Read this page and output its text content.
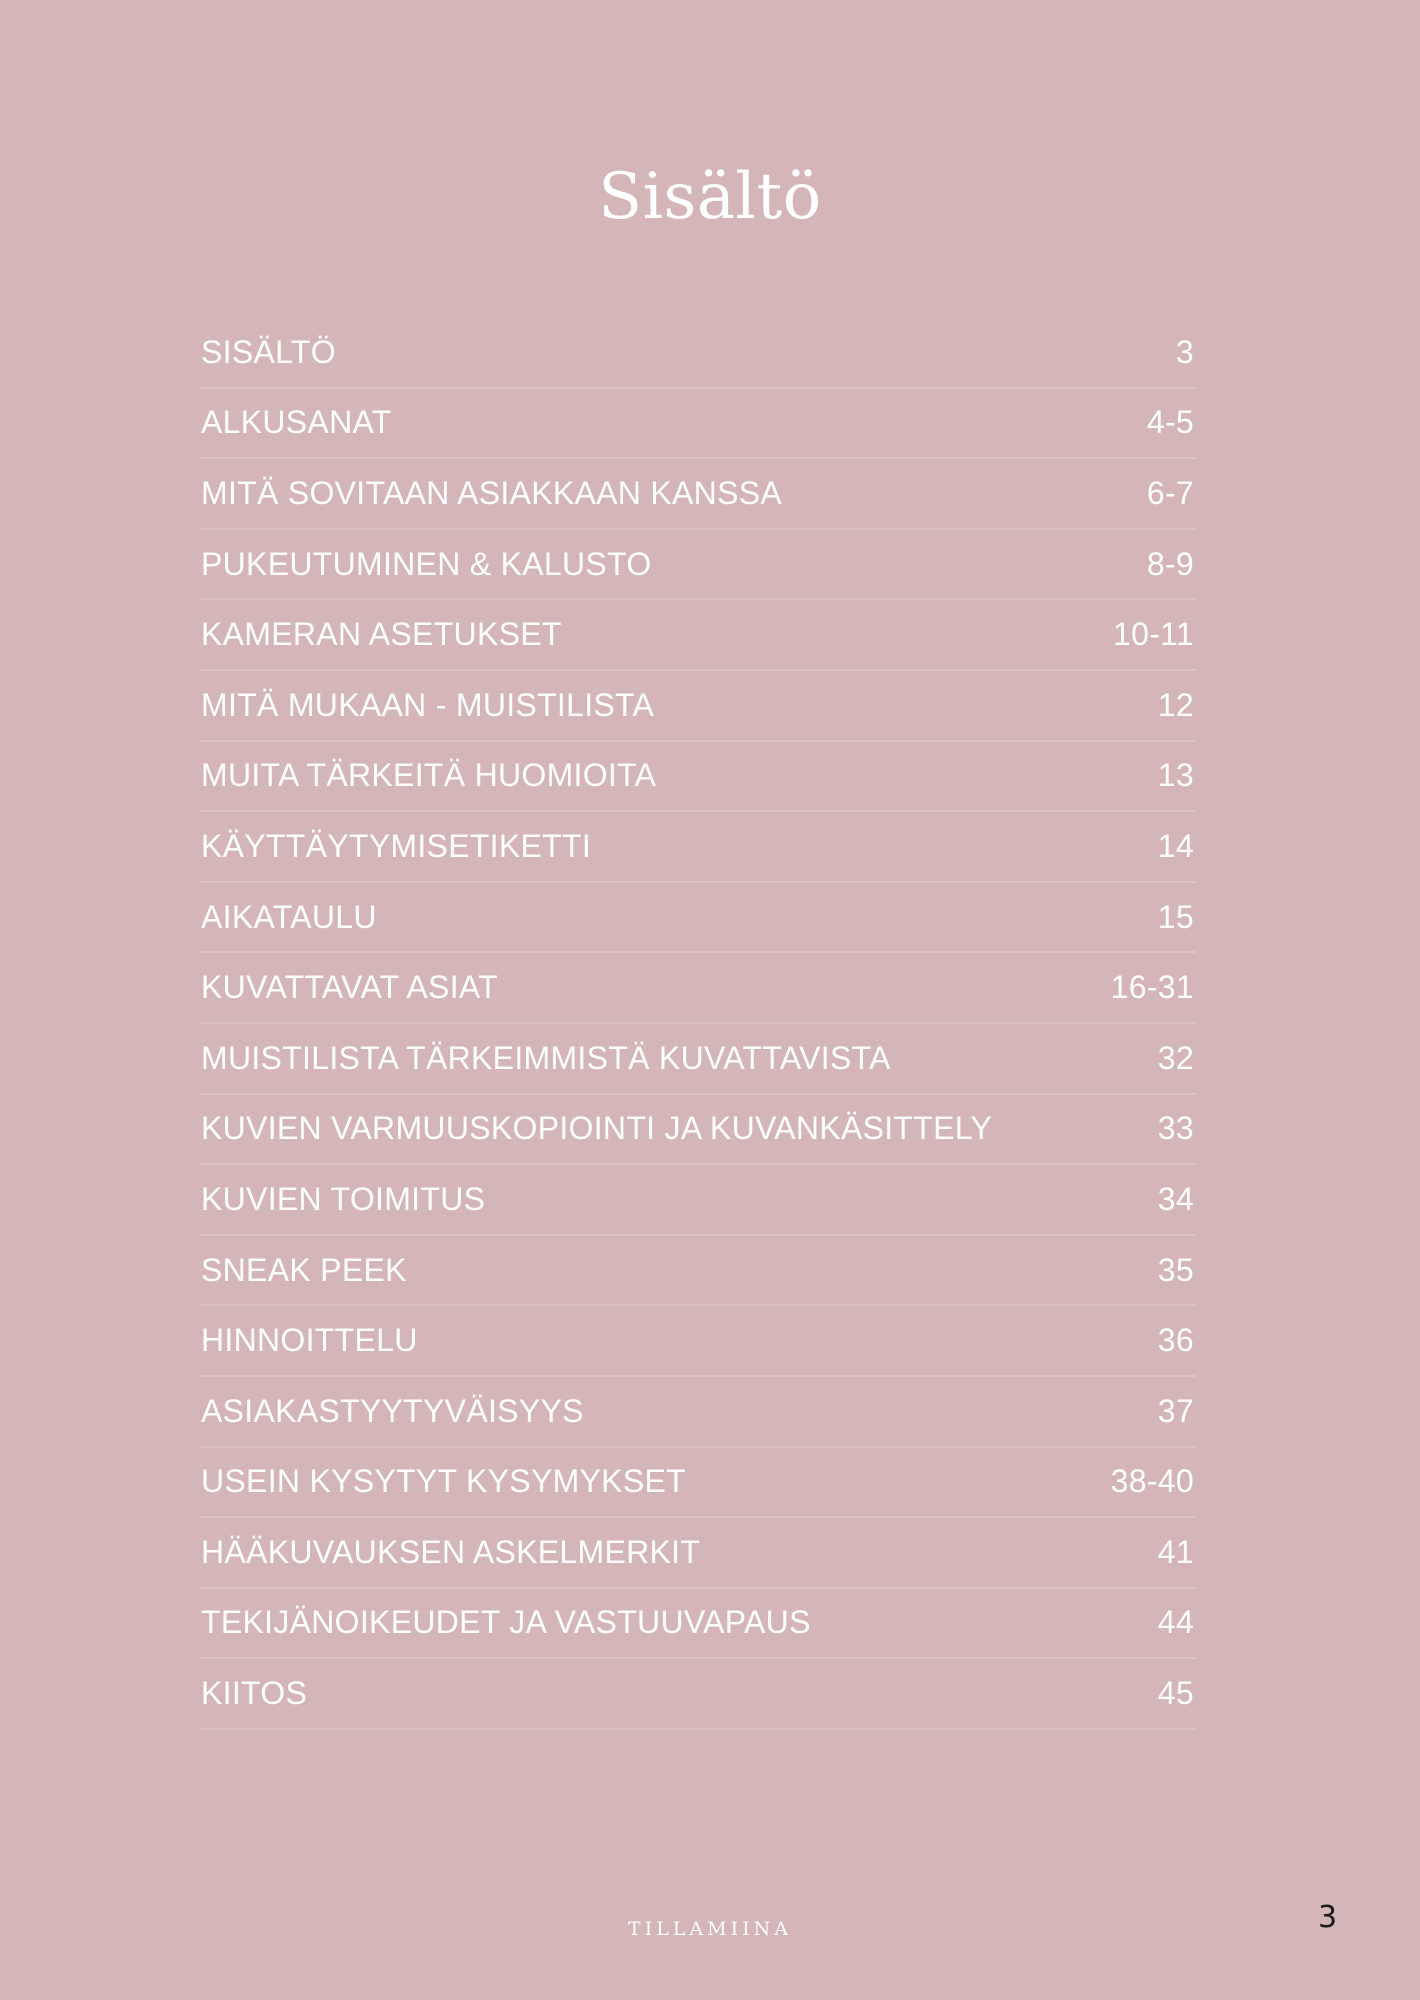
Sisältö
SISÄLTÖ	3
ALKUSANAT	4-5
MITÄ SOVITAAN ASIAKKAAN KANSSA	6-7
PUKEUTUMINEN & KALUSTO	8-9
KAMERAN ASETUKSET	10-11
MITÄ MUKAAN - MUISTILISTA	12
MUITA TÄRKEITÄ HUOMIOITA	13
KÄYTTÄYTYMISETIKETTI	14
AIKATAULU	15
KUVATTAVAT ASIAT	16-31
MUISTILISTA TÄRKEIMMISTÄ KUVATTAVISTA	32
KUVIEN VARMUUSKOPIOINTI JA KUVANKÄSITTELY	33
KUVIEN TOIMITUS	34
SNEAK PEEK	35
HINNOITTELU	36
ASIAKASTYYTYVÄISYYS	37
USEIN KYSYTYT KYSYMYKSET	38-40
HÄÄKUVAUKSEN ASKELMERKIT	41
TEKIJÄNOIKEUDET JA VASTUUVAPAUS	44
KIITOS	45
TILLAMIINA	3
